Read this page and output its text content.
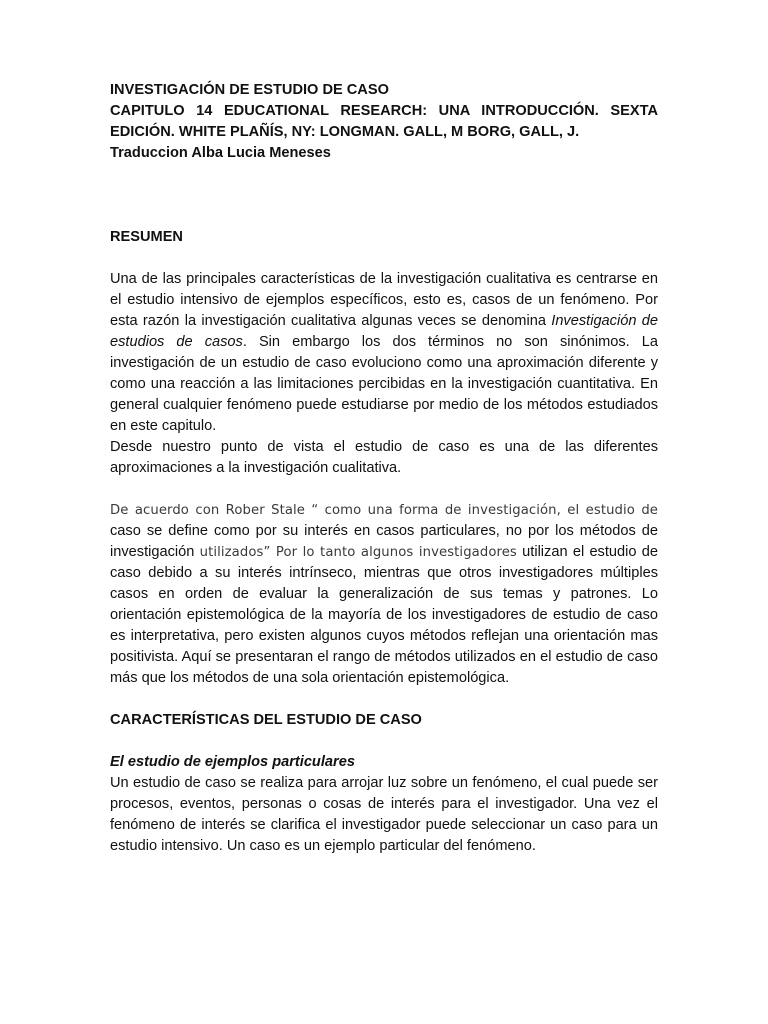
INVESTIGACIÓN DE ESTUDIO DE CASO
CAPITULO 14 EDUCATIONAL RESEARCH: UNA INTRODUCCIÓN. SEXTA EDICIÓN. WHITE PLAÑÍS, NY: LONGMAN. GALL, M BORG, GALL, J.
Traduccion Alba Lucia Meneses
RESUMEN

Una de las principales características de la investigación cualitativa es centrarse en el estudio intensivo de ejemplos específicos, esto es, casos de un fenómeno. Por esta razón la investigación cualitativa algunas veces se denomina Investigación de estudios de casos. Sin embargo los dos términos no son sinónimos. La investigación de un estudio de caso evoluciono como una aproximación diferente y como una reacción a las limitaciones percibidas en la investigación cuantitativa. En general cualquier fenómeno puede estudiarse por medio de los métodos estudiados en este capitulo.

Desde nuestro punto de vista el estudio de caso es una de las diferentes aproximaciones a la investigación cualitativa.

De acuerdo con Rober Stale “ como una forma de investigación, el estudio de caso se define como por su interés en casos particulares, no por los métodos de investigación utilizados” Por lo tanto algunos investigadores utilizan el estudio de caso debido a su interés intrínseco, mientras que otros investigadores múltiples casos en orden de evaluar la generalización de sus temas y patrones. Lo orientación epistemológica de la mayoría de los investigadores de estudio de caso es interpretativa, pero existen algunos cuyos métodos reflejan una orientación mas positivista. Aquí se presentaran el rango de métodos utilizados en el estudio de caso más que los métodos de una sola orientación epistemológica.

CARACTERÍSTICAS DEL ESTUDIO DE CASO
El estudio de ejemplos particulares

Un estudio de caso se realiza para arrojar luz sobre un fenómeno, el cual puede ser procesos, eventos, personas o cosas de interés para el investigador. Una vez el fenómeno de interés se clarifica el investigador puede seleccionar un caso para un estudio intensivo. Un caso es un ejemplo particular del fenómeno.
